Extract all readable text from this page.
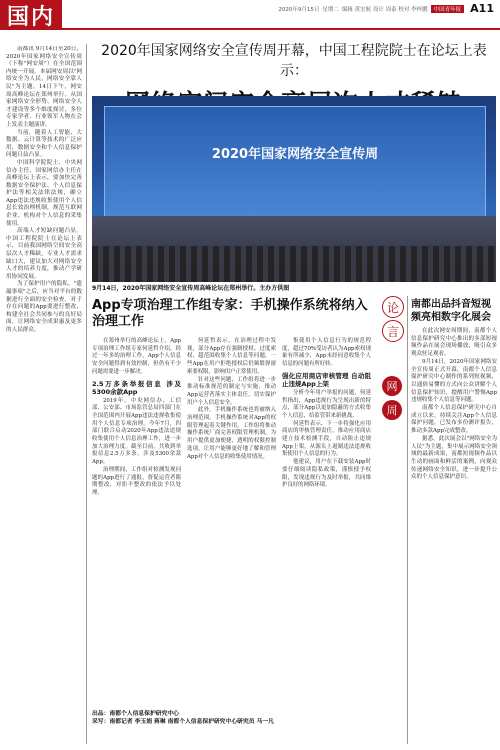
国内	2020年9月15日 星期二 编辑 黄宏航 设计 周泰 校对 李梓鹏	中国青年报 A11

南都讯 9月14日至20日，2020年国家网络安全宣传周（下称"网安周"）在全国范围内统一开展。本届网安周以"网络安全为人民，网络安全靠人民"为主题。14日下午，网安周高峰论坛在郑州举行。从国家网络安全形势、网络安全人才建设等多个维度探讨，多位专家学者、行业领军人物在会上发表主题演讲。

当前，随着人工智能、大数据、云计算等技术的广泛应用，数据安全和个人信息保护问题日益凸显。

中国科学院院士、中央网信办主任、国家网信办主任在高峰论坛上表示，要加快完善数据安全保护法、个人信息保护法等相关法律法规，确立App违法违规收集使用个人信息长效治理机制，规范互联网企业、机构对个人信息的采集使用。

高端人才短缺问题凸显。中国工程院院士在论坛上表示，目前我国网络空间安全高层次人才稀缺，专业人才需求缺口大，建议加大对网络安全人才的培养力度，推动产学研用协同发展。

为了保护用户的隐私，"遗漏事项"之后，应当对平台的数据进行全面的安全检查，对于存在问题的App要进行整改，构建全社会共同参与的良好局面，让网络安全成果惠及更多的人民群众。

2020年国家网络安全宣传周开幕，中国工程院院士在论坛上表示：
2020年国家网络安全宣传周
9月14日，2020年国家网络安全宣传周高峰论坛在郑州举行。主办方供图
App专项治理工作组专家：手机操作系统将纳入治理工作

在郑州举行的高峰论坛上，App专项治理工作组专家何延哲介绍，经过一年多的治理工作，App个人信息安全问题得到有效控制，但仍有不少问题需要进一步解决。

2.5万多条举报信息 涉及5300余款App

2019年，中央网信办、工信部、公安部、市场监管总局四部门在全国范围内开展App违法违规收集使用个人信息专项治理。今年7月，四部门联合启动2020年App违法违规收集使用个人信息治理工作，进一步加大治理力度。截至目前，共收到举报信息2.5万多条，涉及5300余款App。

治理期间，工作组对检测发现问题的App进行了通报，督促运营者限期整改，对拒不整改的依法予以处理。

何延哲表示，在治理过程中发现，部分App存在强制授权、过度索权、超范围收集个人信息等问题，一些App在用户拒绝授权后仍频繁弹窗索要权限，影响用户正常使用。

针对这些问题，工作组将进一步推动标准规范的制定与实施，推动App运营者落实主体责任，切实保护用户个人信息安全。

此外，手机操作系统也将被纳入治理范围。手机操作系统对App的权限管理起着关键作用，工作组将推动操作系统厂商完善权限管理机制，为用户提供更加便捷、透明的权限控制选项，让用户能够更好地了解和管理App对个人信息的收集使用情况。

集使用个人信息行为的规范程度，超过70%受访者认为App索权现象有所减少，App未经同意收集个人信息的问题有所好转。

强化应用商店审核管理 自动阻止违规App上架

分析今年用户举报的问题，何延哲指出，App违规行为呈现出新的特点，部分App以更加隐蔽的方式收集个人信息，给监管带来新挑战。

何延哲表示，下一步将强化应用商店的审核管理责任，推动应用商店建立技术检测手段，自动阻止违规App上架，从源头上遏制违法违规收集使用个人信息的行为。

他建议，用户在下载安装App时要仔细阅读隐私政策，谨慎授予权限，发现违规行为及时举报，共同维护良好的网络环境。

出品：南都个人信息保护研究中心
采写：南都记者 李玉娟 蒋琳 南都个人信息保护研究中心研究员 马一凡
论
言
网
周
南都出品抖音短视频亮相数字化展会

在此次网安周期间，南都个人信息保护研究中心推出的多部短视频作品在展会现场播放，吸引众多观众驻足观看。

9月14日，2020年国家网络安全宣传周正式开幕，南都个人信息保护研究中心制作的系列短视频，以通俗易懂的方式向公众讲解个人信息保护知识，提醒用户警惕App违规收集个人信息等问题。

南都个人信息保护研究中心自成立以来，持续关注App个人信息保护问题，已发布多份测评报告，推动多款App完成整改。

据悉，此次展会以"网络安全为人民"为主题，集中展示网络安全领域的最新成果，南都短视频作品以生动的画面和鲜活的案例，向观众传递网络安全知识，进一步提升公众的个人信息保护意识。
